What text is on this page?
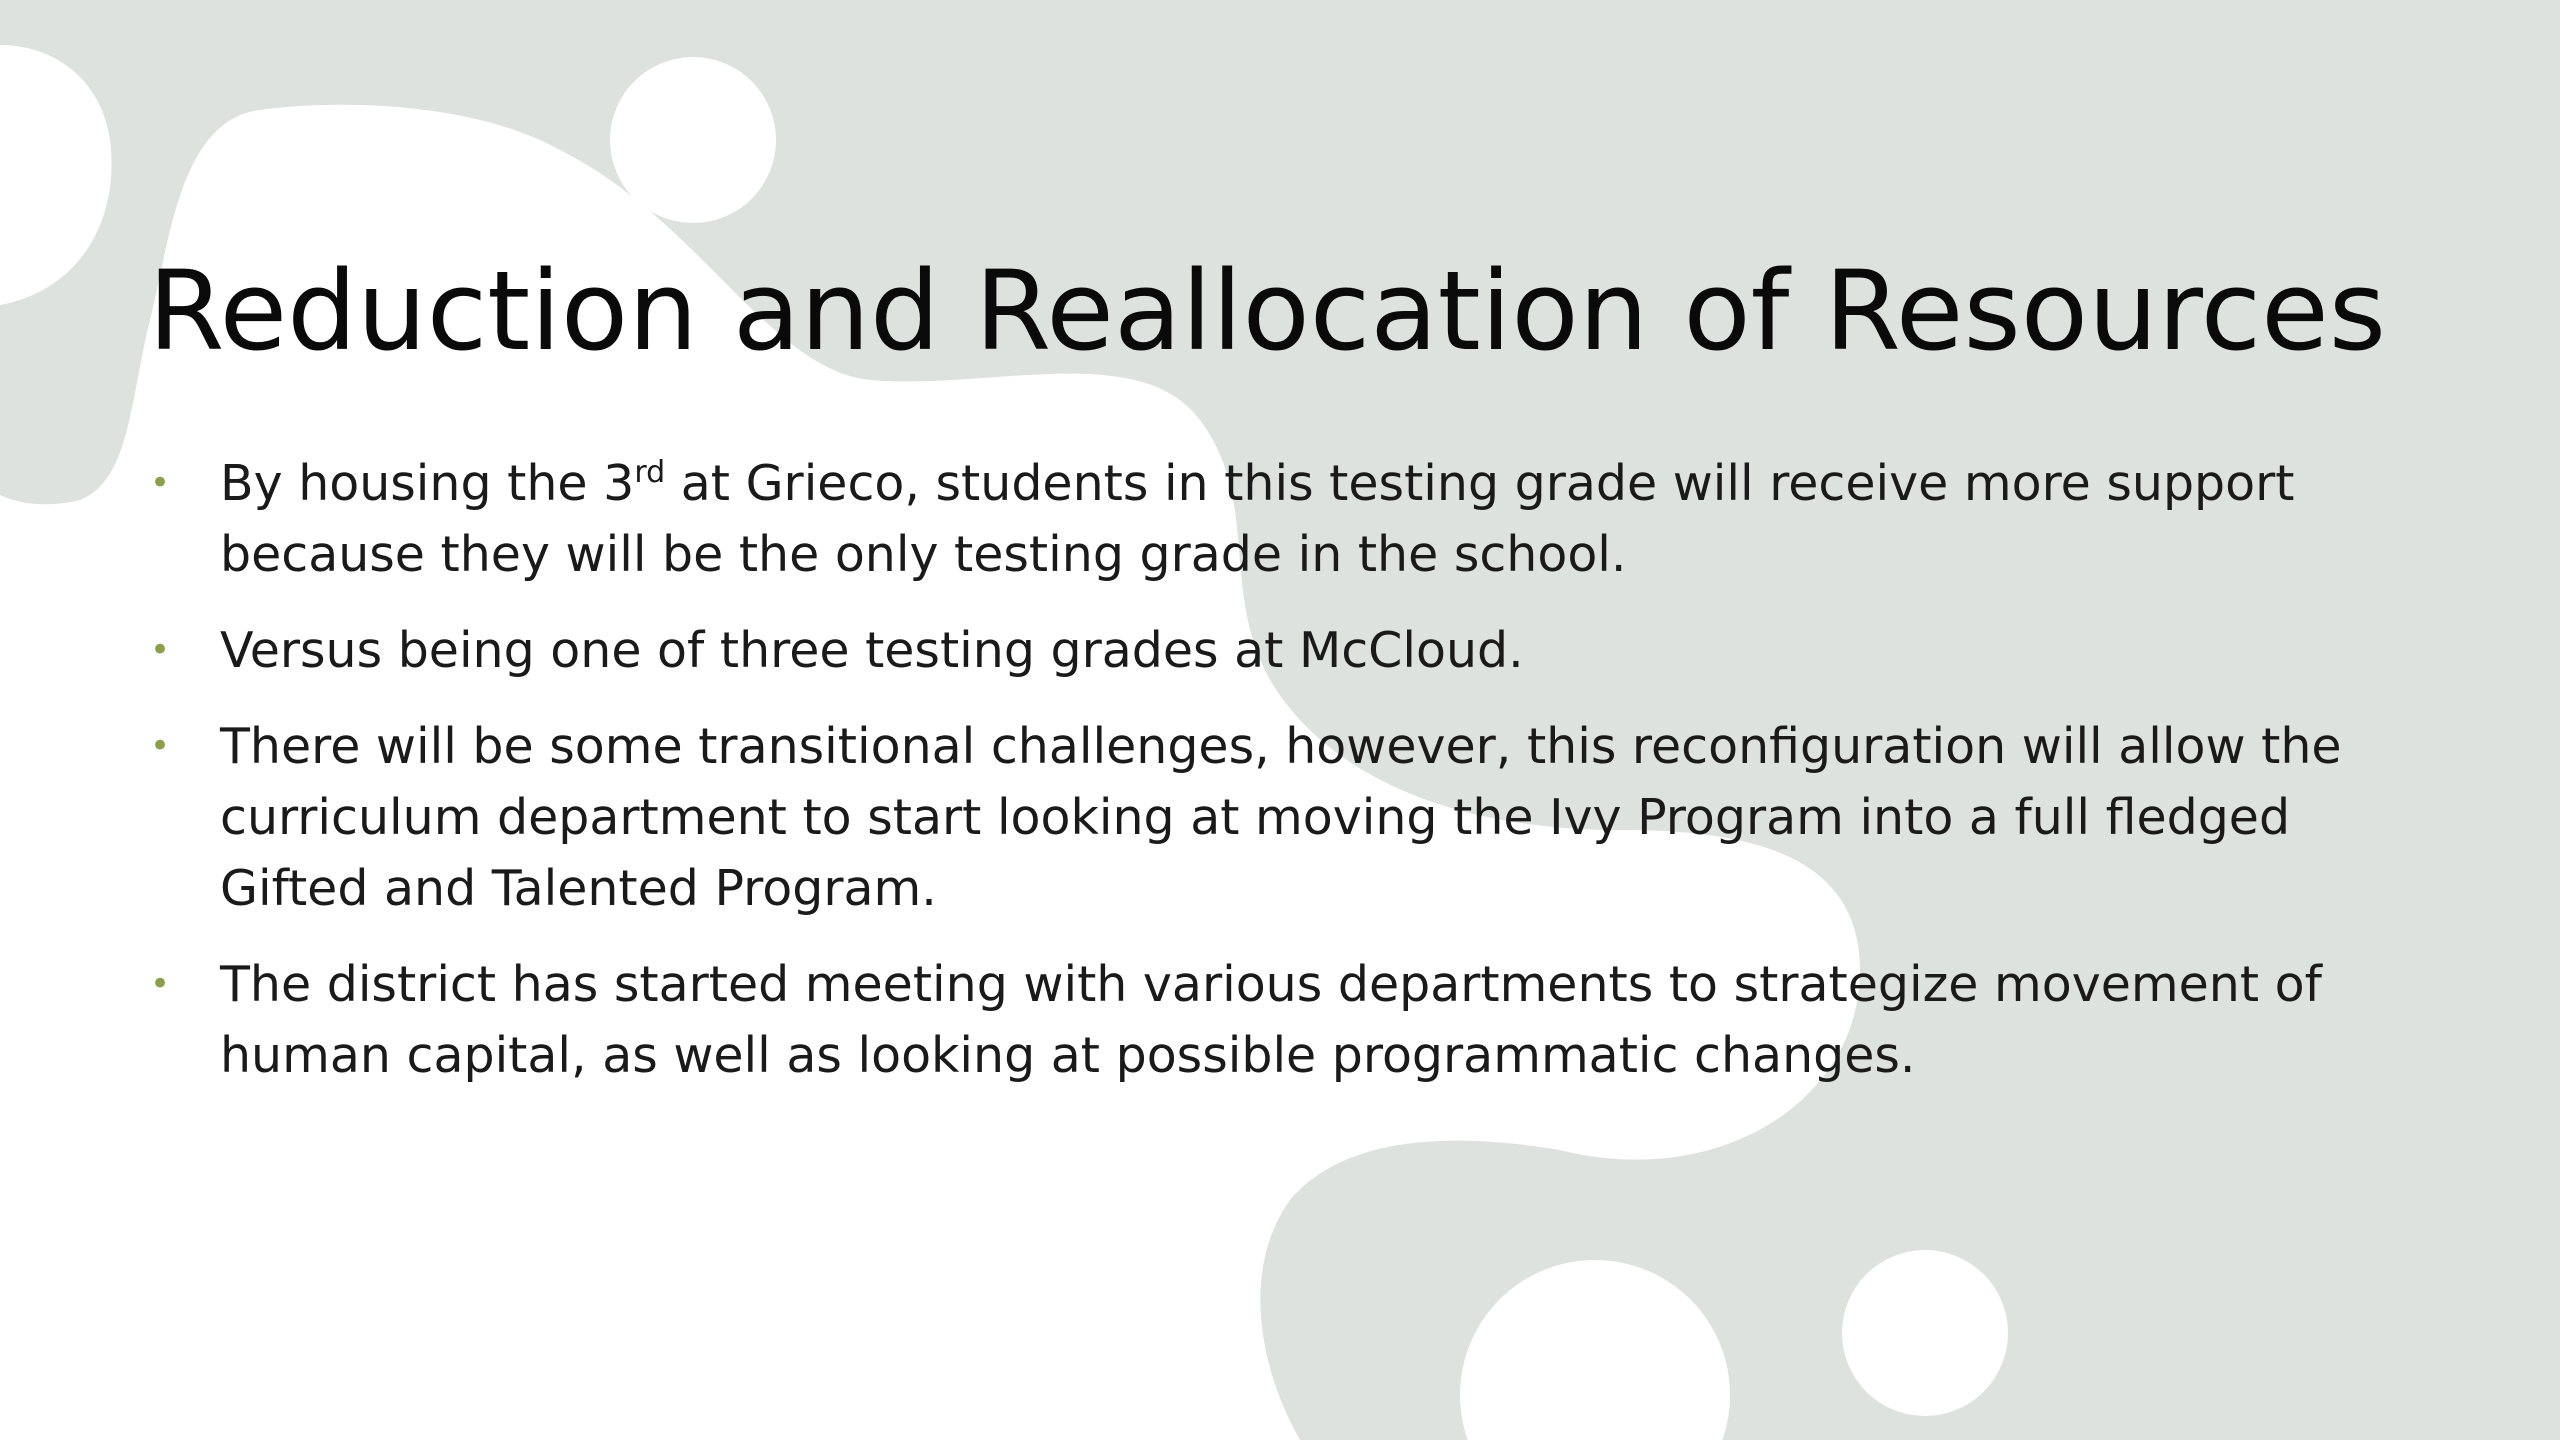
Reduction and Reallocation of Resources
• By housing the 3rd at Grieco, students in this testing grade will receive more support because they will be the only testing grade in the school.
• Versus being one of three testing grades at McCloud.
• There will be some transitional challenges, however, this reconfiguration will allow the curriculum department to start looking at moving the Ivy Program into a full fledged Gifted and Talented Program.
• The district has started meeting with various departments to strategize movement of human capital, as well as looking at possible programmatic changes.
